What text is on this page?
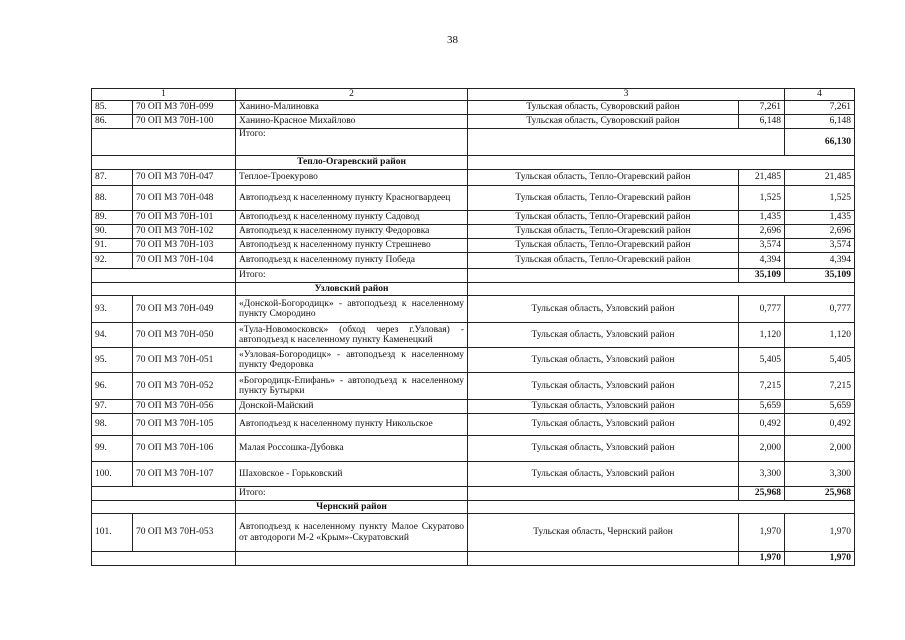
38
1		2	3		4
85.	70 ОП МЗ 70Н-099	Ханино-Малиновка	Тульская область, Суворовский район	7,261	7,261
86.	70 ОП МЗ 70Н-100	Ханино-Красное Михайлово	Тульская область, Суворовский район	6,148	6,148
		Итого:			66,130
		Тепло-Огаревский район			
87.	70 ОП МЗ 70Н-047	Теплое-Троекурово	Тульская область, Тепло-Огаревский район	21,485	21,485
88.	70 ОП МЗ 70Н-048	Автоподъезд к населенному пункту Красногвардеец	Тульская область, Тепло-Огаревский район	1,525	1,525
89.	70 ОП МЗ 70Н-101	Автоподъезд к населенному пункту Садовод	Тульская область, Тепло-Огаревский район	1,435	1,435
90.	70 ОП МЗ 70Н-102	Автоподъезд к населенному пункту Федоровка	Тульская область, Тепло-Огаревский район	2,696	2,696
91.	70 ОП МЗ 70Н-103	Автоподъезд к населенному пункту Стрешнево	Тульская область, Тепло-Огаревский район	3,574	3,574
92.	70 ОП МЗ 70Н-104	Автоподъезд к населенному пункту Победа	Тульская область, Тепло-Огаревский район	4,394	4,394
		Итого:		35,109	35,109
		Узловский район			
93.	70 ОП МЗ 70Н-049	«Донской-Богородицк» - автоподъезд к населенному пункту Смородино	Тульская область, Узловский район	0,777	0,777
94.	70 ОП МЗ 70Н-050	«Тула-Новомосковск» (обход через г.Узловая) - автоподъезд к населенному пункту Каменецкий	Тульская область, Узловский район	1,120	1,120
95.	70 ОП МЗ 70Н-051	«Узловая-Богородицк» - автоподъезд к населенному пункту Федоровка	Тульская область, Узловский район	5,405	5,405
96.	70 ОП МЗ 70Н-052	«Богородицк-Епифань» - автоподъезд к населенному пункту Бутырки	Тульская область, Узловский район	7,215	7,215
97.	70 ОП МЗ 70Н-056	Донской-Майский	Тульская область, Узловский район	5,659	5,659
98.	70 ОП МЗ 70Н-105	Автоподъезд к населенному пункту Никольское	Тульская область, Узловский район	0,492	0,492
99.	70 ОП МЗ 70Н-106	Малая Россошка-Дубовка	Тульская область, Узловский район	2,000	2,000
100.	70 ОП МЗ 70Н-107	Шаховское - Горьковский	Тульская область, Узловский район	3,300	3,300
		Итого:		25,968	25,968
		Чернский район			
101.	70 ОП МЗ 70Н-053	Автоподъезд к населенному пункту Малое Скуратово от автодороги М-2 «Крым»-Скуратовский	Тульская область, Чернский район	1,970	1,970
				1,970	1,970
